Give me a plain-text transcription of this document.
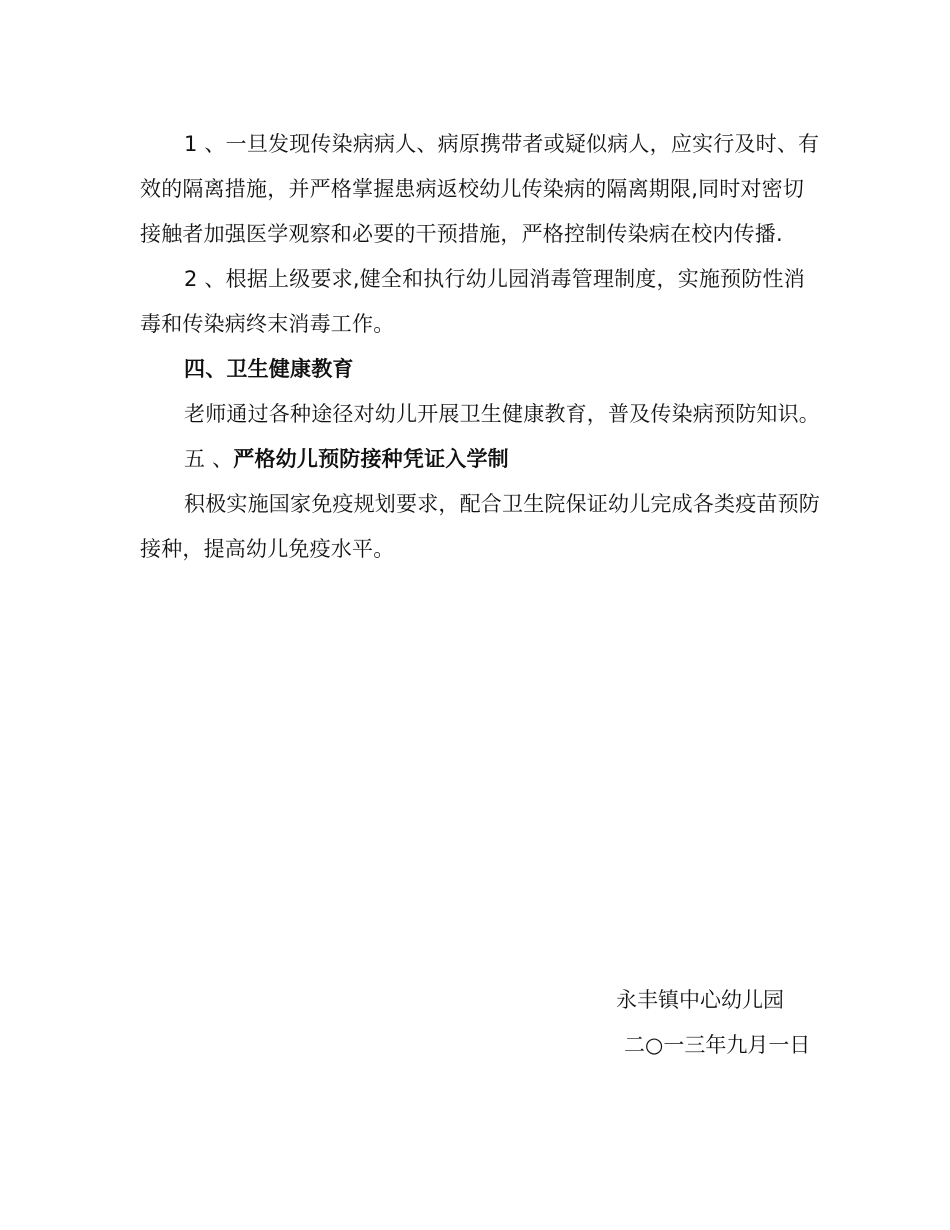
1 、一旦发现传染病病人、病原携带者或疑似病人，应实行及时、有效的隔离措施，并严格掌握患病返校幼儿传染病的隔离期限,同时对密切接触者加强医学观察和必要的干预措施，严格控制传染病在校内传播.

2 、根据上级要求,健全和执行幼儿园消毒管理制度，实施预防性消毒和传染病终末消毒工作。

四、卫生健康教育

老师通过各种途径对幼儿开展卫生健康教育，普及传染病预防知识。

五 、严格幼儿预防接种凭证入学制

积极实施国家免疫规划要求，配合卫生院保证幼儿完成各类疫苗预防接种，提高幼儿免疫水平。

永丰镇中心幼儿园
二○一三年九月一日
